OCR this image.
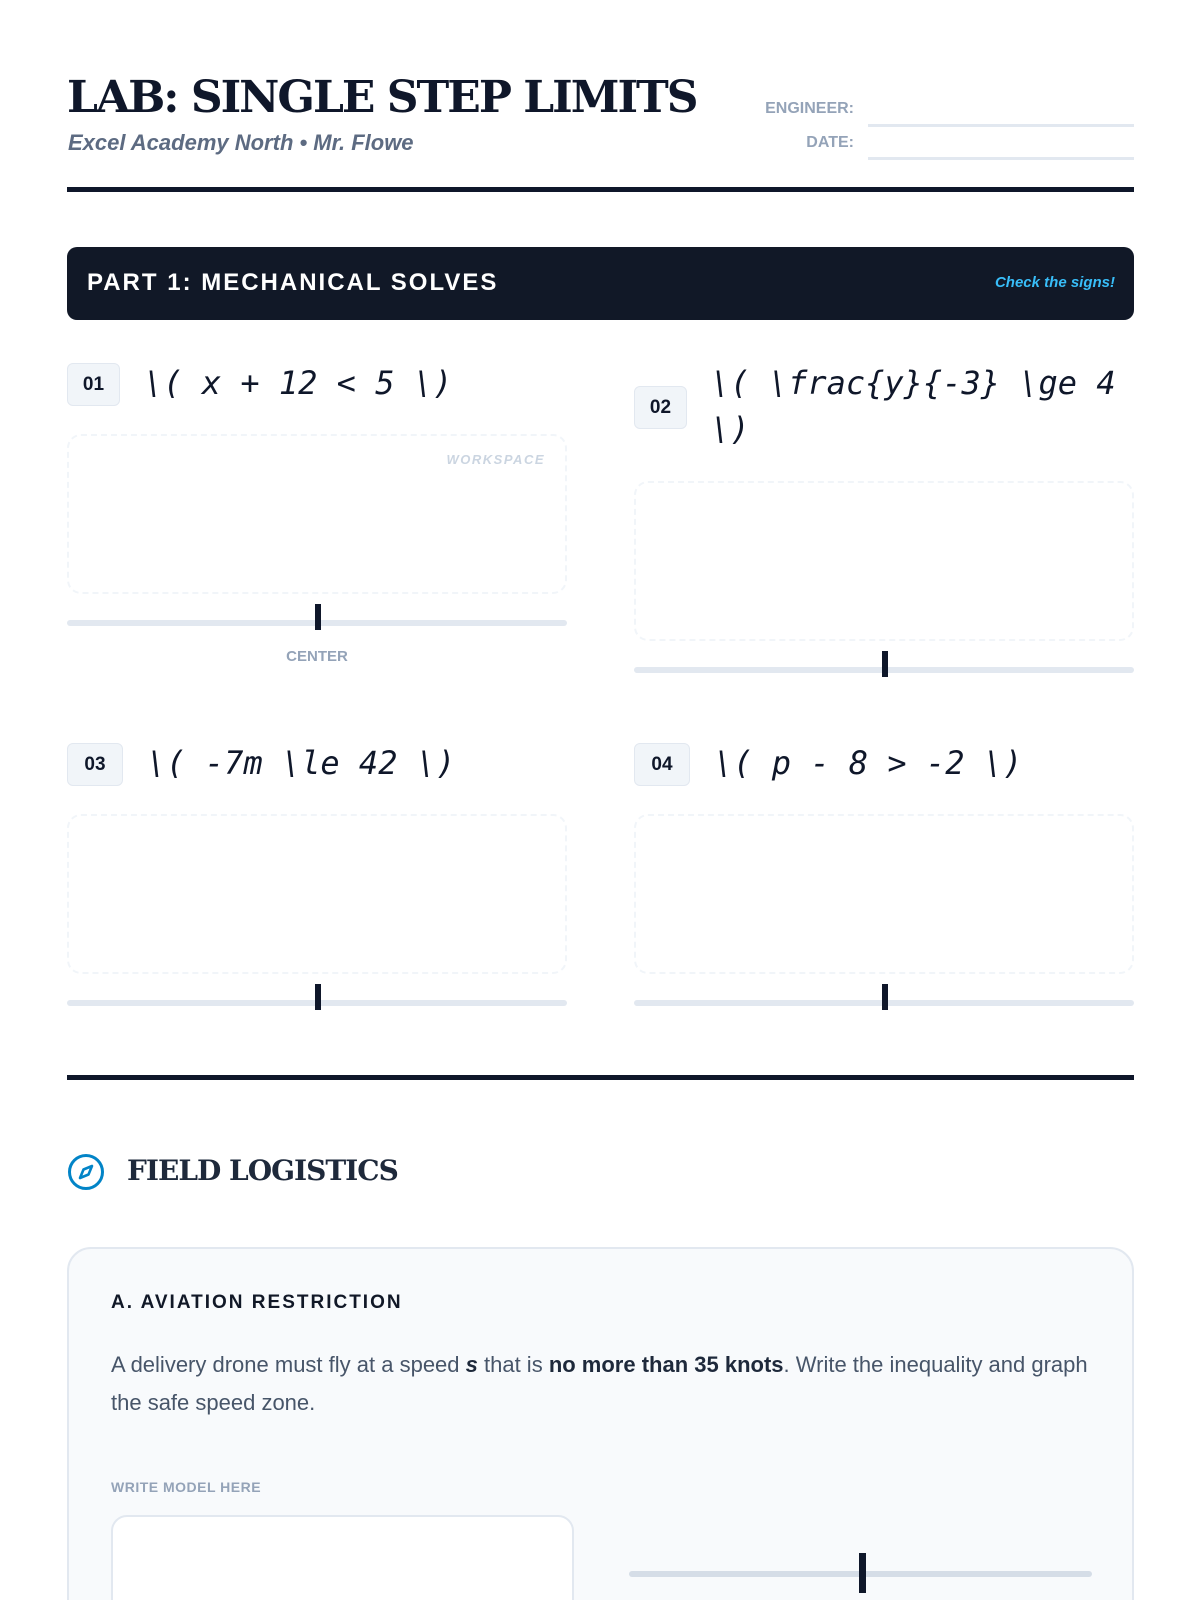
LAB: SINGLE STEP LIMITS
Excel Academy North • Mr. Flowe
ENGINEER:
DATE:
PART 1: MECHANICAL SOLVES	Check the signs!
01	\( x + 12 < 5 \)
WORKSPACE
CENTER
02
\( \frac{y}{-3} \ge 4 \)
03	\( -7m \le 42 \)	04	\( p - 8 > -2 \)
FIELD LOGISTICS
A. AVIATION RESTRICTION
A delivery drone must fly at a speed s that is no more than 35 knots. Write the inequality and graph the safe speed zone.
WRITE MODEL HERE
